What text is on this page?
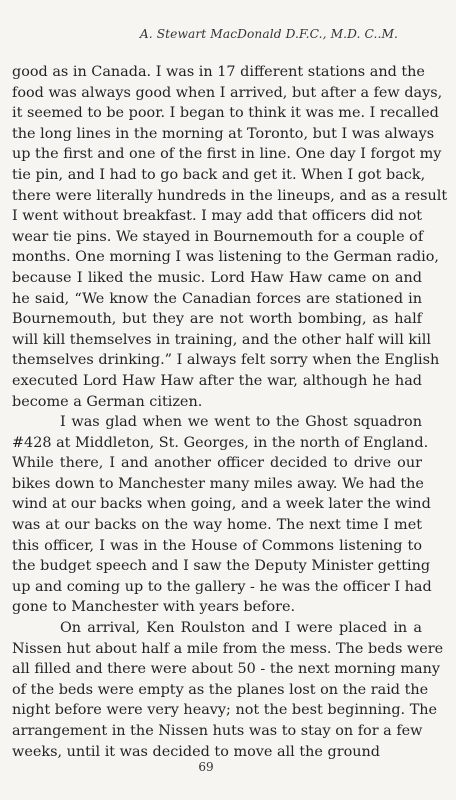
A. Stewart MacDonald D.F.C., M.D. C..M.
good as in Canada. I was in 17 different stations and the
food was always good when I arrived, but after a few days,
it seemed to be poor. I began to think it was me. I recalled
the long lines in the morning at Toronto, but I was always
up the first and one of the first in line. One day I forgot my
tie pin, and I had to go back and get it. When I got back,
there were literally hundreds in the lineups, and as a result
I went without breakfast. I may add that officers did not
wear tie pins. We stayed in Bournemouth for a couple of
months. One morning I was listening to the German radio,
because I liked the music. Lord Haw Haw came on and
he said, “We know the Canadian forces are stationed in
Bournemouth, but they are not worth bombing, as half
will kill themselves in training, and the other half will kill
themselves drinking.” I always felt sorry when the English
executed Lord Haw Haw after the war, although he had
become a German citizen.
I was glad when we went to the Ghost squadron
#428 at Middleton, St. Georges, in the north of England.
While there, I and another officer decided to drive our
bikes down to Manchester many miles away. We had the
wind at our backs when going, and a week later the wind
was at our backs on the way home. The next time I met
this officer, I was in the House of Commons listening to
the budget speech and I saw the Deputy Minister getting
up and coming up to the gallery - he was the officer I had
gone to Manchester with years before.
On arrival, Ken Roulston and I were placed in a
Nissen hut about half a mile from the mess. The beds were
all filled and there were about 50 - the next morning many
of the beds were empty as the planes lost on the raid the
night before were very heavy; not the best beginning. The
arrangement in the Nissen huts was to stay on for a few
weeks, until it was decided to move all the ground
69
